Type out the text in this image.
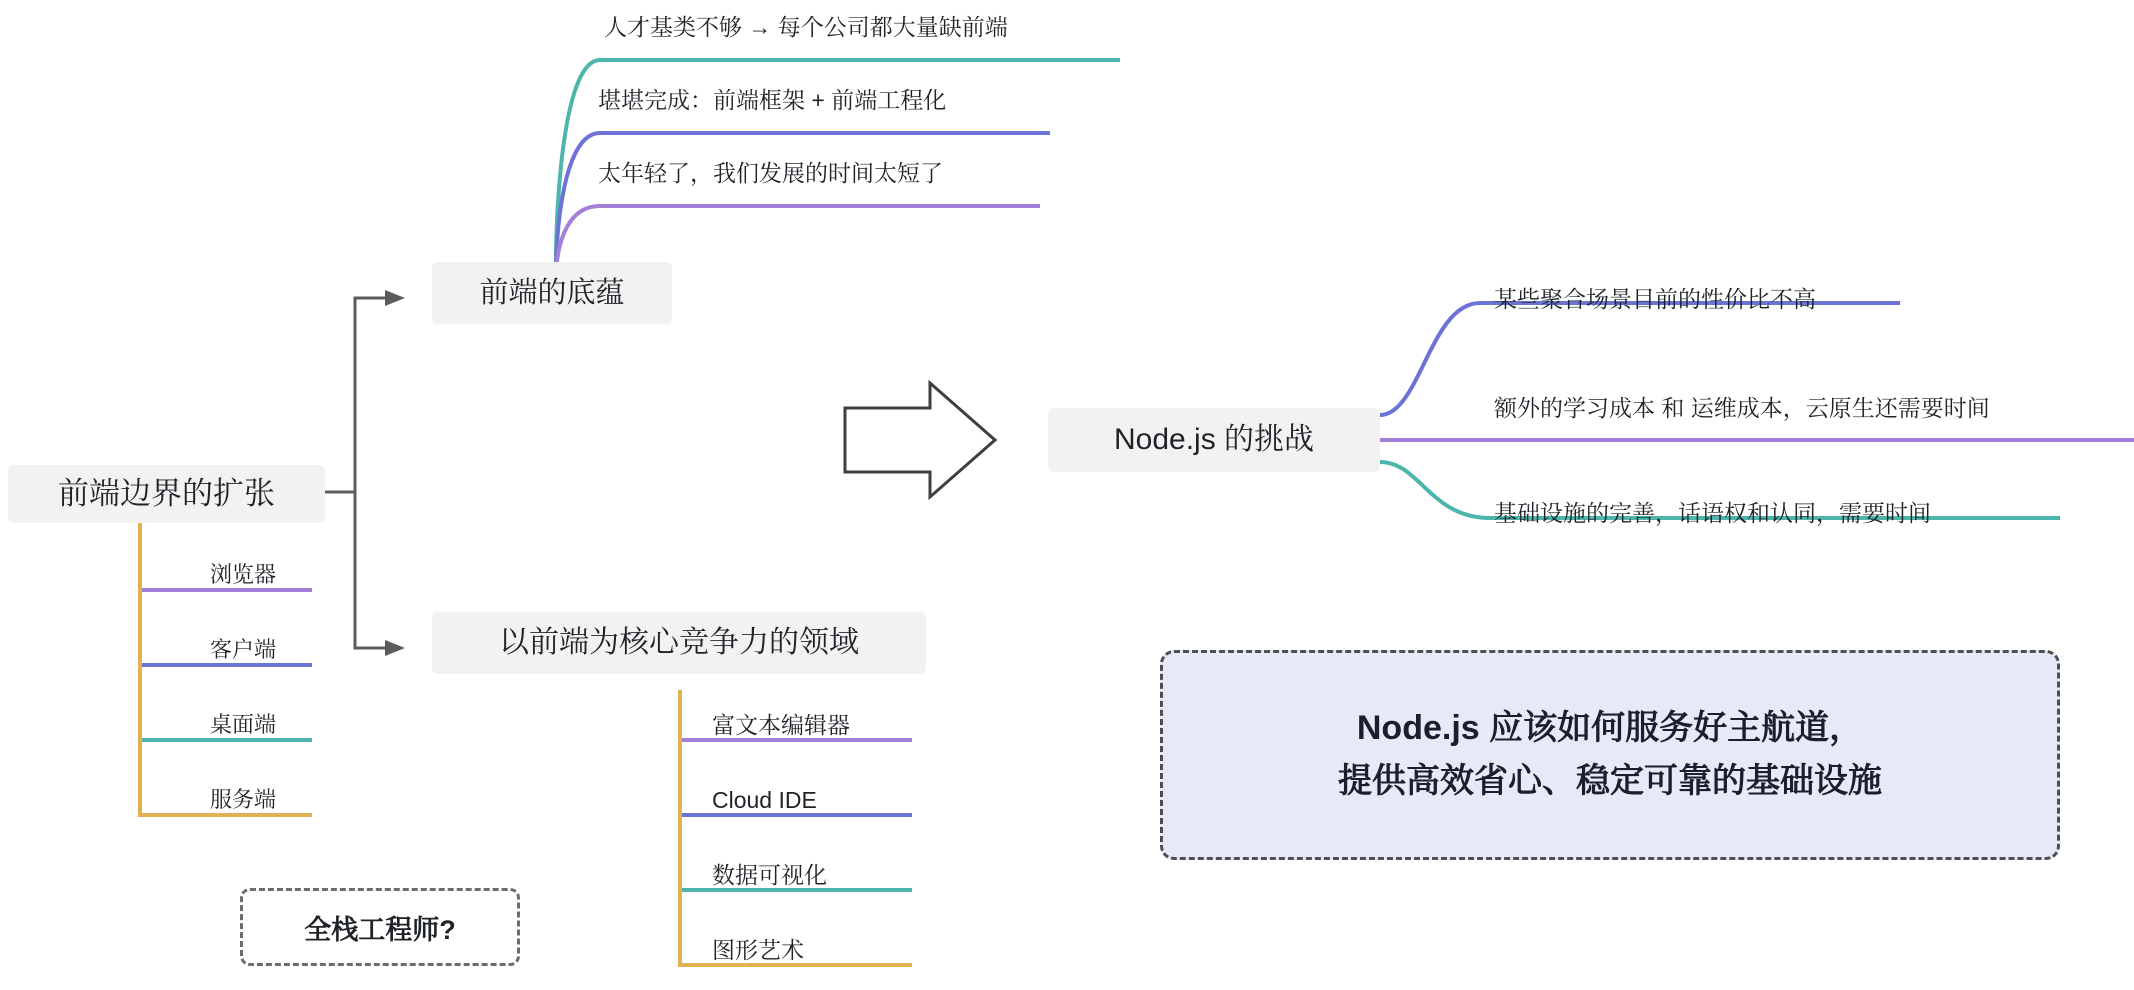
前端边界的扩张
前端的底蕴
以前端为核心竞争力的领域
人才基类不够 → 每个公司都大量缺前端
堪堪完成：前端框架 + 前端工程化
太年轻了，我们发展的时间太短了
浏览器
客户端
桌面端
服务端
全栈工程师?
富文本编辑器
Cloud IDE
数据可视化
图形艺术
Node.js 的挑战
某些聚合场景目前的性价比不高
额外的学习成本 和 运维成本，云原生还需要时间
基础设施的完善，话语权和认同，需要时间
Node.js 应该如何服务好主航道，
提供高效省心、稳定可靠的基础设施
